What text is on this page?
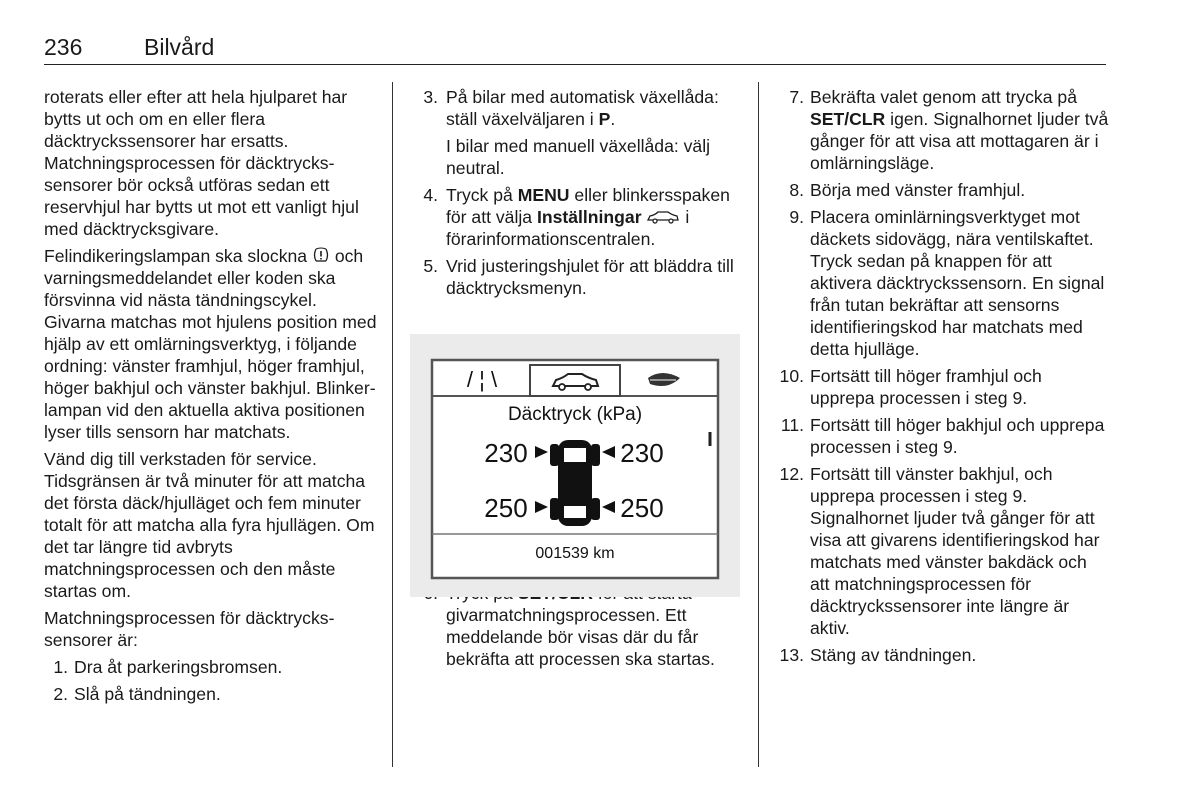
236	Bilvård

roterats eller efter att hela hjulparet har bytts ut och om en eller flera däcktryckssensorer har ersatts. Matchningsprocessen för däcktryckssensorer bör också utföras sedan ett reservhjul har bytts ut mot ett vanligt hjul med däcktrycksgivare.

Felindikeringslampan ska slockna och varningsmeddelandet eller koden ska försvinna vid nästa tändningscykel. Givarna matchas mot hjulens position med hjälp av ett omlärningsverktyg, i följande ordning: vänster framhjul, höger framhjul, höger bakhjul och vänster bakhjul. Blinkerlampan vid den aktuella aktiva positionen lyser tills sensorn har matchats.

Vänd dig till verkstaden för service. Tidsgränsen är två minuter för att matcha det första däck/hjulläget och fem minuter totalt för att matcha alla fyra hjullägen. Om det tar längre tid avbryts matchningsprocessen och den måste startas om.

Matchningsprocessen för däcktryckssensorer är:

1. Dra åt parkeringsbromsen.
2. Slå på tändningen.
3. På bilar med automatisk växellåda: ställ växelväljaren i P.
I bilar med manuell växellåda: välj neutral.
4. Tryck på MENU eller blinkersspaken för att välja Inställningar i förarinformationscentralen.
5. Vrid justeringshjulet för att bläddra till däcktrycksmenyn.
givarmatchningsprocessen. Ett meddelande bör visas där du får bekräfta att processen ska startas.
/ ¦ \
Däcktryck (kPa)
230	230
250	250
001539 km
7. Bekräfta valet genom att trycka på SET/CLR igen. Signalhornet ljuder två gånger för att visa att mottagaren är i omlärningsläge.
8. Börja med vänster framhjul.
9. Placera ominlärningsverktyget mot däckets sidovägg, nära ventilskaftet. Tryck sedan på knappen för att aktivera däcktryckssensorn. En signal från tutan bekräftar att sensorns identifieringskod har matchats med detta hjulläge.
10. Fortsätt till höger framhjul och upprepa processen i steg 9.
11. Fortsätt till höger bakhjul och upprepa processen i steg 9.
12. Fortsätt till vänster bakhjul, och upprepa processen i steg 9. Signalhornet ljuder två gånger för att visa att givarens identifieringskod har matchats med vänster bakdäck och att matchningsprocessen för däcktryckssensorer inte längre är aktiv.
13. Stäng av tändningen.
